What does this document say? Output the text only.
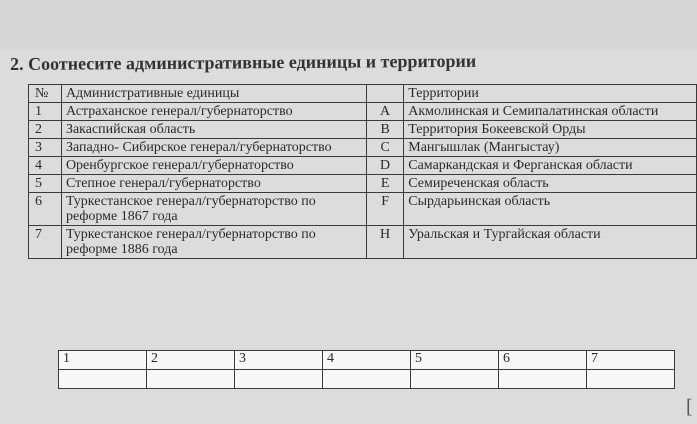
2. Соотнесите административные единицы и территории
№	Административные единицы		Территории
1	Астраханское генерал/губернаторство	A	Акмолинская и Семипалатинская области
2	Закаспийская область	B	Территория Бокеевской Орды
3	Западно- Сибирское генерал/губернаторство	C	Мангышлак (Мангыстау)
4	Оренбургское генерал/губернаторство	D	Самаркандская и Ферганская области
5	Степное генерал/губернаторство	E	Семиреченская область
6	Туркестанское генерал/губернаторство по реформе 1867 года	F	Сырдарьинская область
7	Туркестанское генерал/губернаторство по реформе 1886 года	H	Уральская и Тургайская области
1	2	3	4	5	6	7

[
